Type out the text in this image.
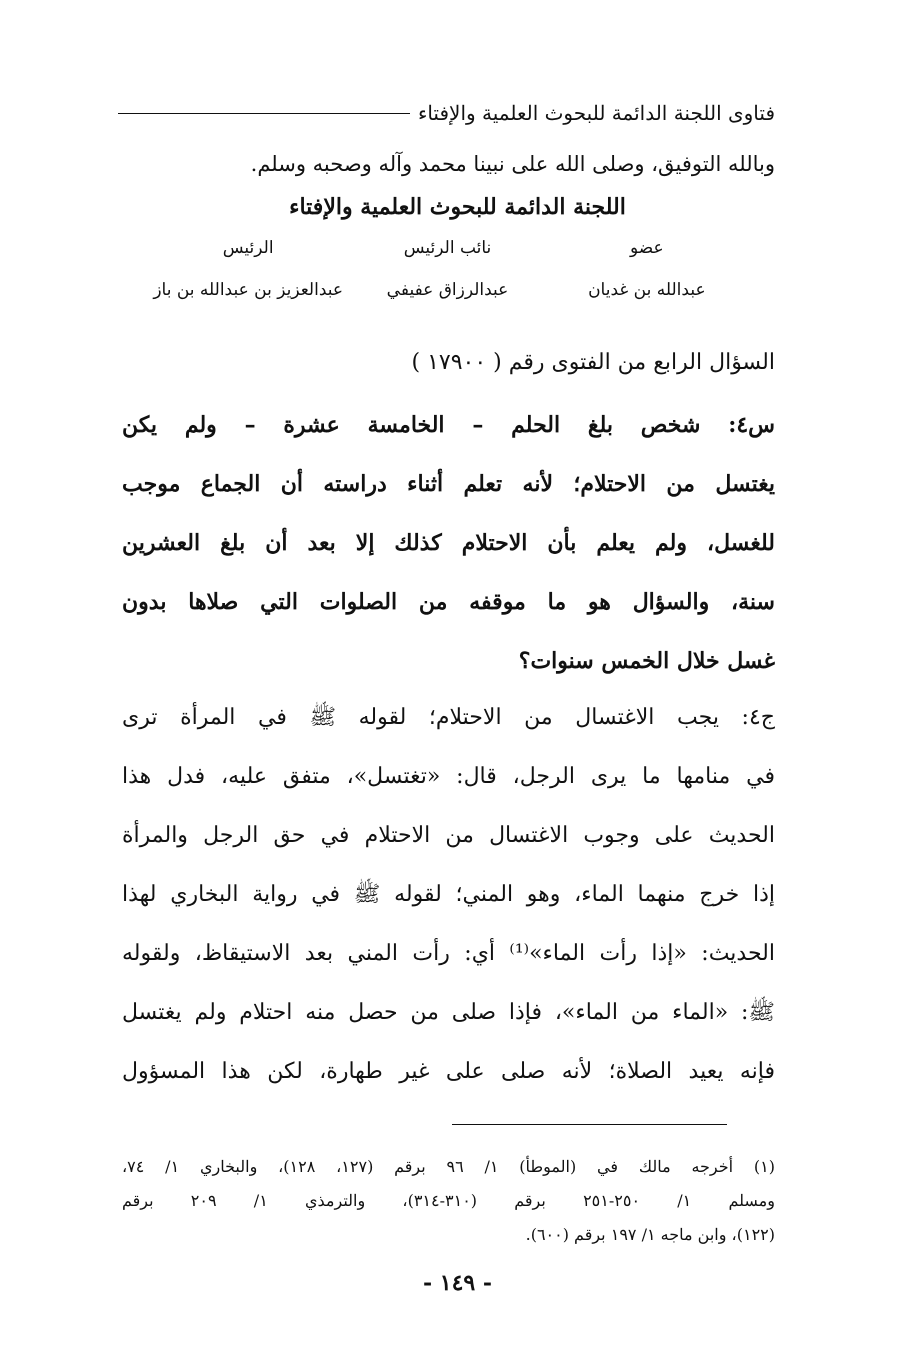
فتاوى اللجنة الدائمة للبحوث العلمية والإفتاء
وبالله التوفيق، وصلى الله على نبينا محمد وآله وصحبه وسلم.
اللجنة الدائمة للبحوث العلمية والإفتاء
عضو
نائب الرئيس
الرئيس
عبدالله بن غديان
عبدالرزاق عفيفي
عبدالعزيز بن عبدالله بن باز
السؤال الرابع من الفتوى رقم ( ١٧٩٠٠ )
س٤: شخص بلغ الحلم – الخامسة عشرة – ولم يكن
يغتسل من الاحتلام؛ لأنه تعلم أثناء دراسته أن الجماع موجب
للغسل، ولم يعلم بأن الاحتلام كذلك إلا بعد أن بلغ العشرين
سنة، والسؤال هو ما موقفه من الصلوات التي صلاها بدون
غسل خلال الخمس سنوات؟
ج٤: يجب الاغتسال من الاحتلام؛ لقوله ﷺ في المرأة ترى
في منامها ما يرى الرجل، قال: «تغتسل»، متفق عليه، فدل هذا
الحديث على وجوب الاغتسال من الاحتلام في حق الرجل والمرأة
إذا خرج منهما الماء، وهو المني؛ لقوله ﷺ في رواية البخاري لهذا
الحديث: «إذا رأت الماء»⁽¹⁾ أي: رأت المني بعد الاستيقاظ، ولقوله
ﷺ: «الماء من الماء»، فإذا صلى من حصل منه احتلام ولم يغتسل
فإنه يعيد الصلاة؛ لأنه صلى على غير طهارة، لكن هذا المسؤول
(١) أخرجه مالك في (الموطأ) ١/ ٩٦ برقم (١٢٧، ١٢٨)، والبخاري ١/ ٧٤،
ومسلم ١/ ٢٥٠-٢٥١ برقم (٣١٠-٣١٤)، والترمذي ١/ ٢٠٩ برقم
(١٢٢)، وابن ماجه ١/ ١٩٧ برقم (٦٠٠).
- ١٤٩ -
